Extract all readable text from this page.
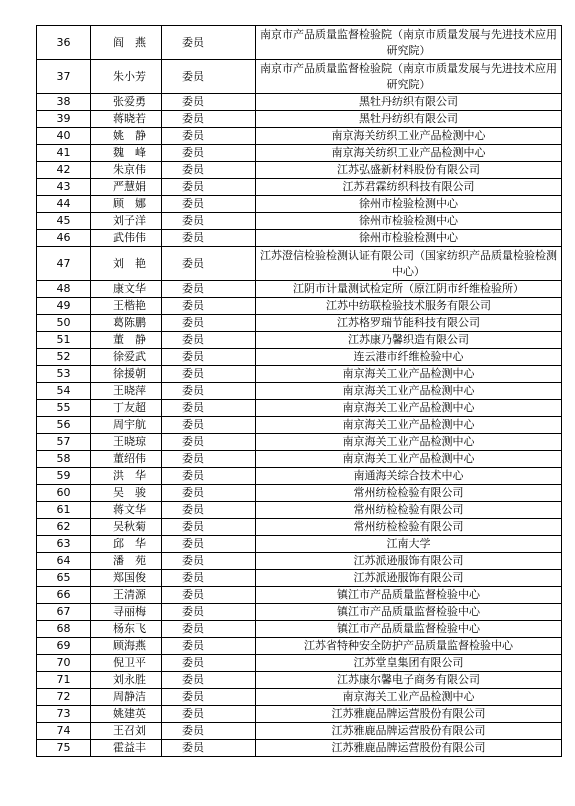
36	阎　燕	委员	南京市产品质量监督检验院（南京市质量发展与先进技术应用研究院）
37	朱小芳	委员	南京市产品质量监督检验院（南京市质量发展与先进技术应用研究院）
38	张爱勇	委员	黑牡丹纺织有限公司
39	蒋晓若	委员	黑牡丹纺织有限公司
40	姚　静	委员	南京海关纺织工业产品检测中心
41	魏　峰	委员	南京海关纺织工业产品检测中心
42	朱京伟	委员	江苏弘盛新材料股份有限公司
43	严慧娟	委员	江苏君霖纺织科技有限公司
44	顾　娜	委员	徐州市检验检测中心
45	刘子洋	委员	徐州市检验检测中心
46	武伟伟	委员	徐州市检验检测中心
47	刘　艳	委员	江苏澄信检验检测认证有限公司（国家纺织产品质量检验检测中心）
48	康文华	委员	江阴市计量测试检定所（原江阴市纤维检验所）
49	王楷艳	委员	江苏中纺联检验技术服务有限公司
50	葛陈鹏	委员	江苏格罗瑞节能科技有限公司
51	董　静	委员	江苏康乃馨织造有限公司
52	徐爱武	委员	连云港市纤维检验中心
53	徐援朝	委员	南京海关工业产品检测中心
54	王晓萍	委员	南京海关工业产品检测中心
55	丁友超	委员	南京海关工业产品检测中心
56	周宇航	委员	南京海关工业产品检测中心
57	王晓琼	委员	南京海关工业产品检测中心
58	董绍伟	委员	南京海关工业产品检测中心
59	洪　华	委员	南通海关综合技术中心
60	吴　骏	委员	常州纺检检验有限公司
61	蒋文华	委员	常州纺检检验有限公司
62	吴秋菊	委员	常州纺检检验有限公司
63	邱　华	委员	江南大学
64	潘　苑	委员	江苏派逊服饰有限公司
65	郑国俊	委员	江苏派逊服饰有限公司
66	王清源	委员	镇江市产品质量监督检验中心
67	寻丽梅	委员	镇江市产品质量监督检验中心
68	杨东飞	委员	镇江市产品质量监督检验中心
69	顾海燕	委员	江苏省特种安全防护产品质量监督检验中心
70	倪卫平	委员	江苏堂皇集团有限公司
71	刘永胜	委员	江苏康尔馨电子商务有限公司
72	周静洁	委员	南京海关工业产品检测中心
73	姚建英	委员	江苏雅鹿品牌运营股份有限公司
74	王召刘	委员	江苏雅鹿品牌运营股份有限公司
75	霍益丰	委员	江苏雅鹿品牌运营股份有限公司
